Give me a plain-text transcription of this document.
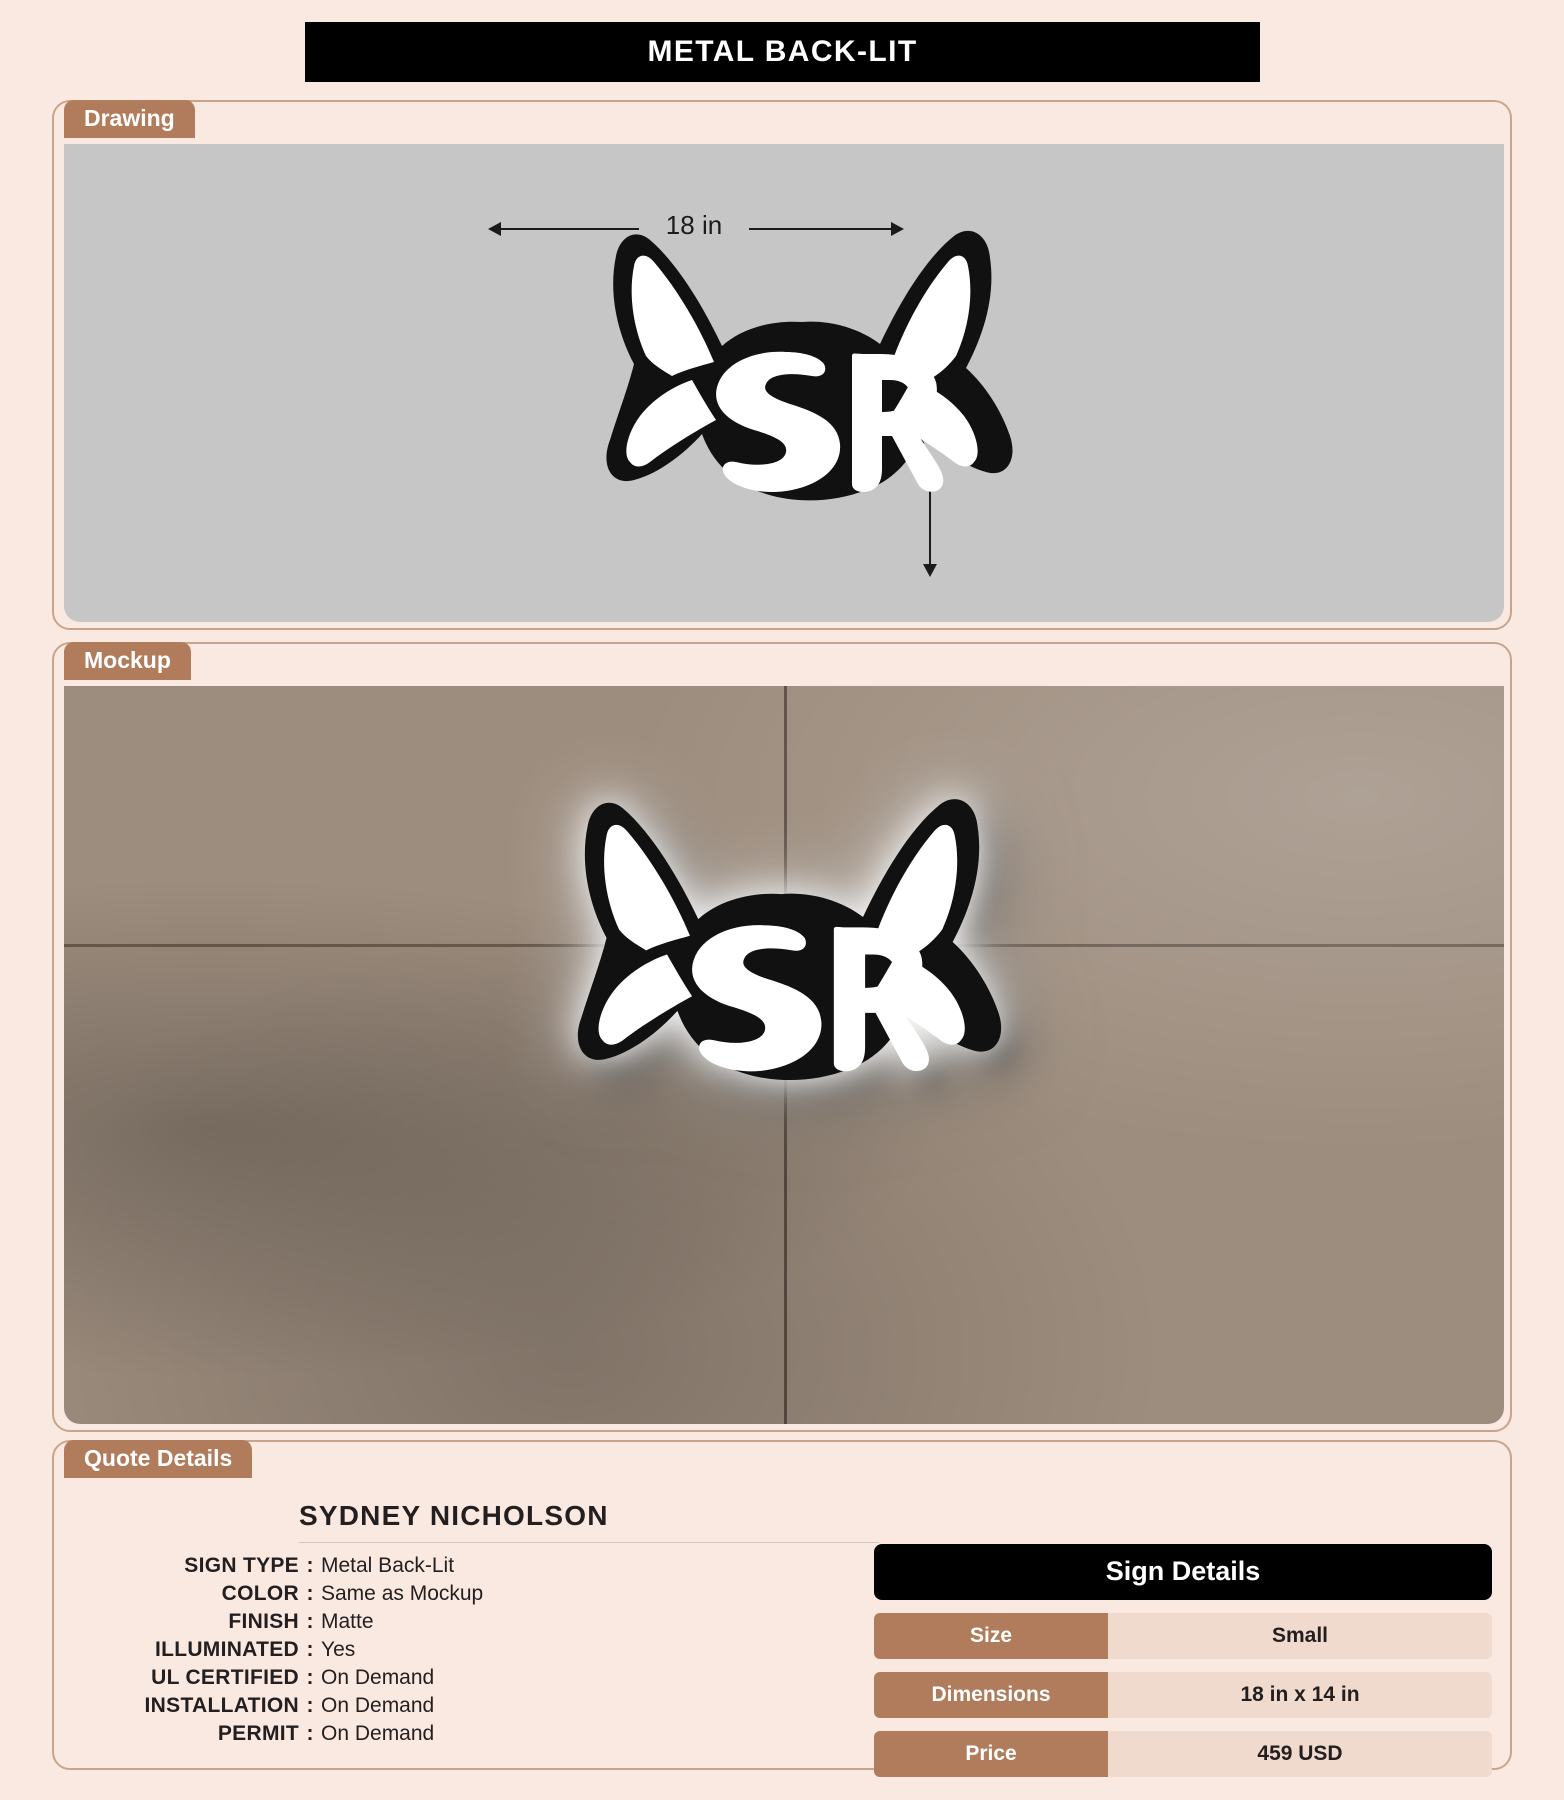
METAL BACK-LIT
Drawing
18 in
Mockup
Quote Details
SYDNEY NICHOLSON
SIGN TYPE : Metal Back-Lit
COLOR : Same as Mockup
FINISH : Matte
ILLUMINATED : Yes
UL CERTIFIED : On Demand
INSTALLATION : On Demand
PERMIT : On Demand
Sign Details
Size	Small
Dimensions	18 in x 14 in
Price	459 USD
